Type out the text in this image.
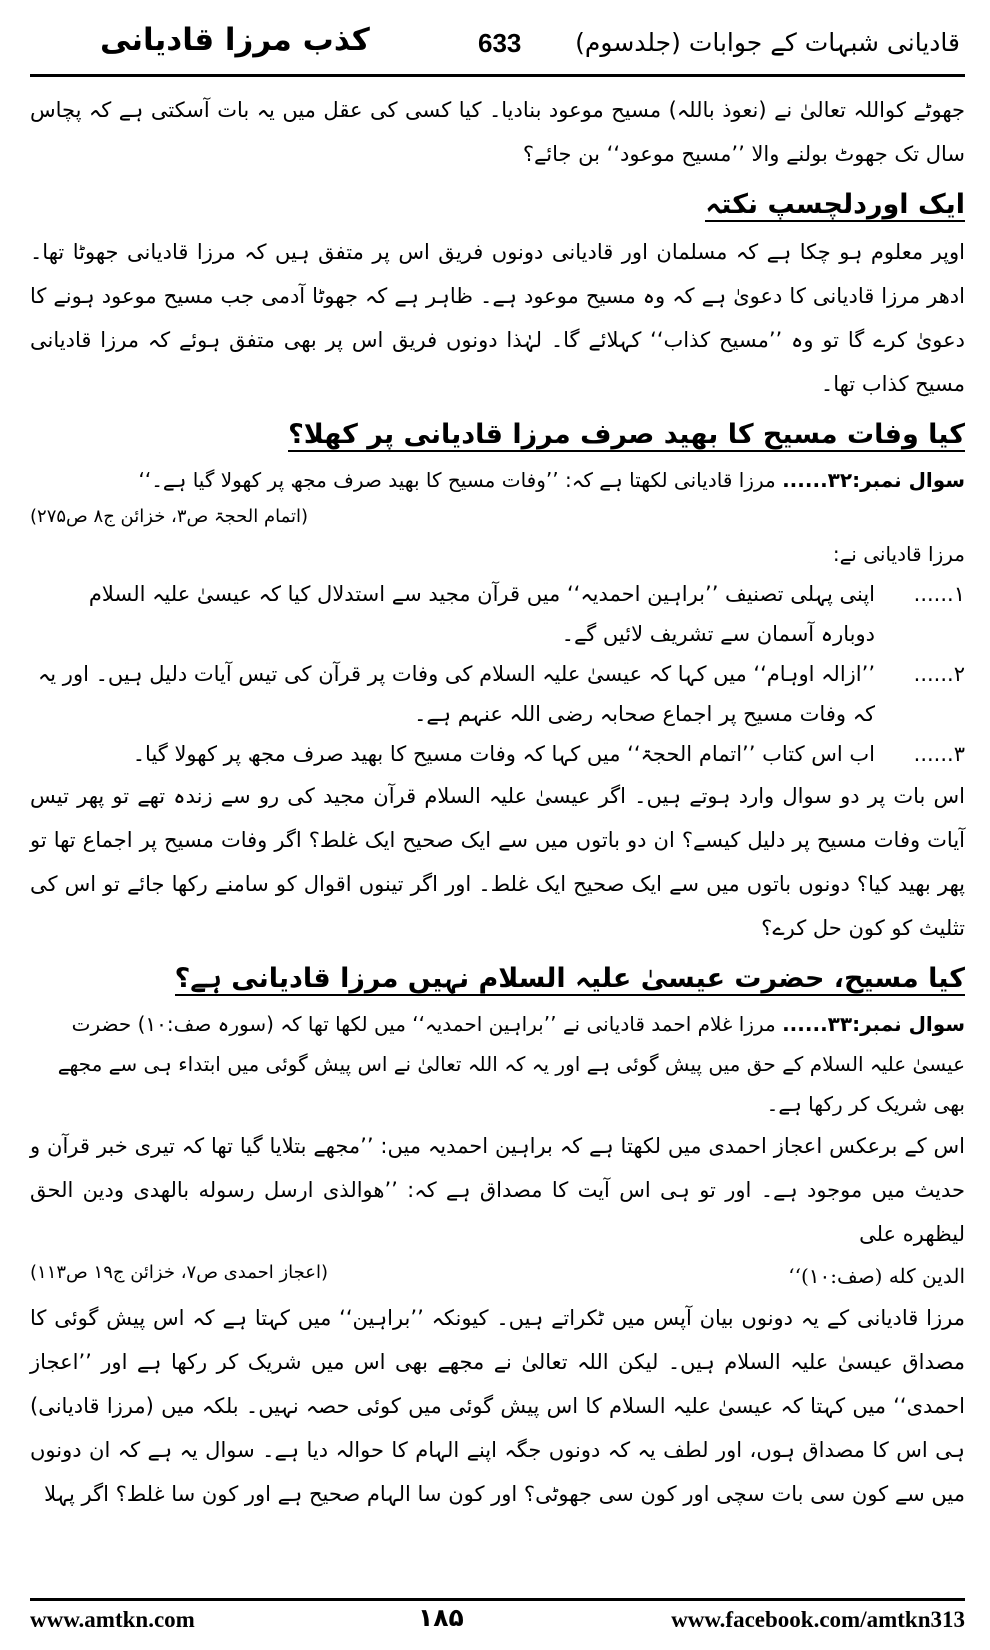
کذب مرزا قادیانی	633 قادیانی شبہات کے جوابات (جلدسوم)

جھوٹے کواللہ تعالیٰ نے (نعوذ باللہ) مسیح موعود بنادیا۔ کیا کسی کی عقل میں یہ بات آسکتی ہے کہ پچاس سال تک جھوٹ بولنے والا ’’مسیح موعود‘‘ بن جائے؟

ایک اوردلچسپ نکتہ

اوپر معلوم ہو چکا ہے کہ مسلمان اور قادیانی دونوں فریق اس پر متفق ہیں کہ مرزا قادیانی جھوٹا تھا۔ ادھر مرزا قادیانی کا دعویٰ ہے کہ وہ مسیح موعود ہے۔ ظاہر ہے کہ جھوٹا آدمی جب مسیح موعود ہونے کا دعویٰ کرے گا تو وہ ’’مسیح کذاب‘‘ کہلائے گا۔ لہٰذا دونوں فریق اس پر بھی متفق ہوئے کہ مرزا قادیانی مسیح کذاب تھا۔

کیا وفات مسیح کا بھید صرف مرزا قادیانی پر کھلا؟

سوال نمبر:۳۲...... مرزا قادیانی لکھتا ہے کہ: ’’وفات مسیح کا بھید صرف مجھ پر کھولا گیا ہے۔‘‘

(اتمام الحجۃ ص۳، خزائن ج۸ ص۲۷۵)

مرزا قادیانی نے:

۱......
اپنی پہلی تصنیف ’’براہین احمدیہ‘‘ میں قرآن مجید سے استدلال کیا کہ عیسیٰ علیہ السلام دوبارہ آسمان سے تشریف لائیں گے۔
۲......
’’ازالہ اوہام‘‘ میں کہا کہ عیسیٰ علیہ السلام کی وفات پر قرآن کی تیس آیات دلیل ہیں۔ اور یہ کہ وفات مسیح پر اجماع صحابہ رضی اللہ عنہم ہے۔
۳......
اب اس کتاب ’’اتمام الحجۃ‘‘ میں کہا کہ وفات مسیح کا بھید صرف مجھ پر کھولا گیا۔

اس بات پر دو سوال وارد ہوتے ہیں۔ اگر عیسیٰ علیہ السلام قرآن مجید کی رو سے زندہ تھے تو پھر تیس آیات وفات مسیح پر دلیل کیسے؟ ان دو باتوں میں سے ایک صحیح ایک غلط؟ اگر وفات مسیح پر اجماع تھا تو پھر بھید کیا؟ دونوں باتوں میں سے ایک صحیح ایک غلط۔ اور اگر تینوں اقوال کو سامنے رکھا جائے تو اس کی تثلیث کو کون حل کرے؟

کیا مسیح، حضرت عیسیٰ علیہ السلام نہیں مرزا قادیانی ہے؟

سوال نمبر:۳۳...... مرزا غلام احمد قادیانی نے ’’براہین احمدیہ‘‘ میں لکھا تھا کہ (سورہ صف:۱۰) حضرت عیسیٰ علیہ السلام کے حق میں پیش گوئی ہے اور یہ کہ اللہ تعالیٰ نے اس پیش گوئی میں ابتداء ہی سے مجھے بھی شریک کر رکھا ہے۔

اس کے برعکس اعجاز احمدی میں لکھتا ہے کہ براہین احمدیہ میں: ’’مجھے بتلایا گیا تھا کہ تیری خبر قرآن و حدیث میں موجود ہے۔ اور تو ہی اس آیت کا مصداق ہے کہ: ’’هوالذی ارسل رسوله بالهدی ودین الحق لیظهره علی

الدین کله (صف:۱۰)‘‘
(اعجاز احمدی ص۷، خزائن ج۱۹ ص۱۱۳)

مرزا قادیانی کے یہ دونوں بیان آپس میں ٹکراتے ہیں۔ کیونکہ ’’براہین‘‘ میں کہتا ہے کہ اس پیش گوئی کا مصداق عیسیٰ علیہ السلام ہیں۔ لیکن اللہ تعالیٰ نے مجھے بھی اس میں شریک کر رکھا ہے اور ’’اعجاز احمدی‘‘ میں کہتا کہ عیسیٰ علیہ السلام کا اس پیش گوئی میں کوئی حصہ نہیں۔ بلکہ میں (مرزا قادیانی) ہی اس کا مصداق ہوں، اور لطف یہ کہ دونوں جگہ اپنے الہام کا حوالہ دیا ہے۔ سوال یہ ہے کہ ان دونوں میں سے کون سی بات سچی اور کون سی جھوٹی؟ اور کون سا الہام صحیح ہے اور کون سا غلط؟ اگر پہلا

www.amtkn.com	۱۸۵	www.facebook.com/amtkn313
